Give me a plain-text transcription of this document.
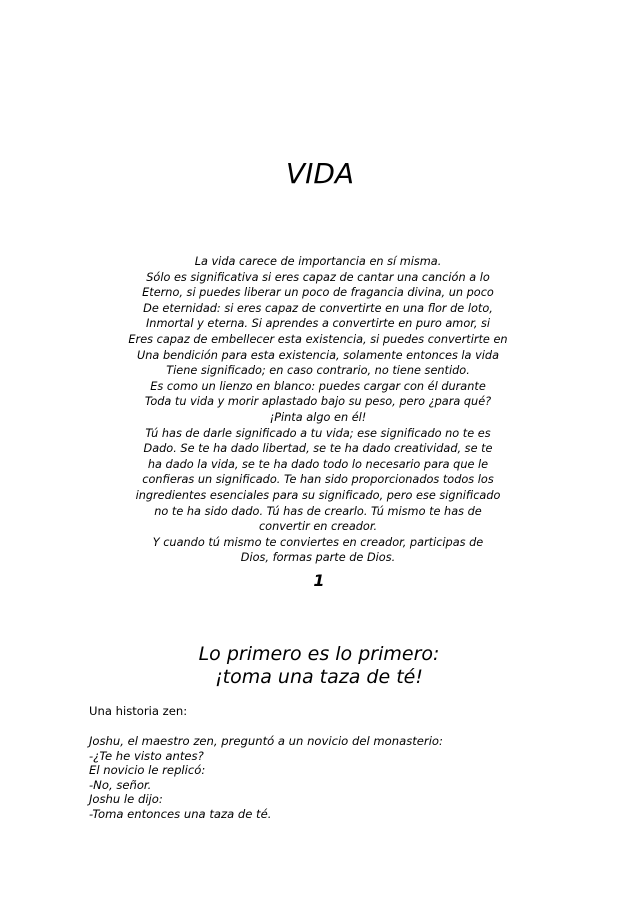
VIDA
La vida carece de importancia en sí misma.
Sólo es significativa si eres capaz de cantar una canción a lo
Eterno, si puedes liberar un poco de fragancia divina, un poco
De eternidad: si eres capaz de convertirte en una flor de loto,
Inmortal y eterna. Si aprendes a convertirte en puro amor, si
Eres capaz de embellecer esta existencia, si puedes convertirte en
Una bendición para esta existencia, solamente entonces la vida
Tiene significado; en caso contrario, no tiene sentido.
Es como un lienzo en blanco: puedes cargar con él durante
Toda tu vida y morir aplastado bajo su peso, pero ¿para qué?
¡Pinta algo en él!
Tú has de darle significado a tu vida; ese significado no te es
Dado. Se te ha dado libertad, se te ha dado creatividad, se te
ha dado la vida, se te ha dado todo lo necesario para que le
confieras un significado. Te han sido proporcionados todos los
ingredientes esenciales para su significado, pero ese significado
no te ha sido dado. Tú has de crearlo. Tú mismo te has de
convertir en creador.
Y cuando tú mismo te conviertes en creador, participas de
Dios, formas parte de Dios.
1
Lo primero es lo primero:
¡toma una taza de té!

Una historia zen:

Joshu, el maestro zen, preguntó a un novicio del monasterio:
-¿Te he visto antes?
El novicio le replicó:
-No, señor.
Joshu le dijo:
-Toma entonces una taza de té.
